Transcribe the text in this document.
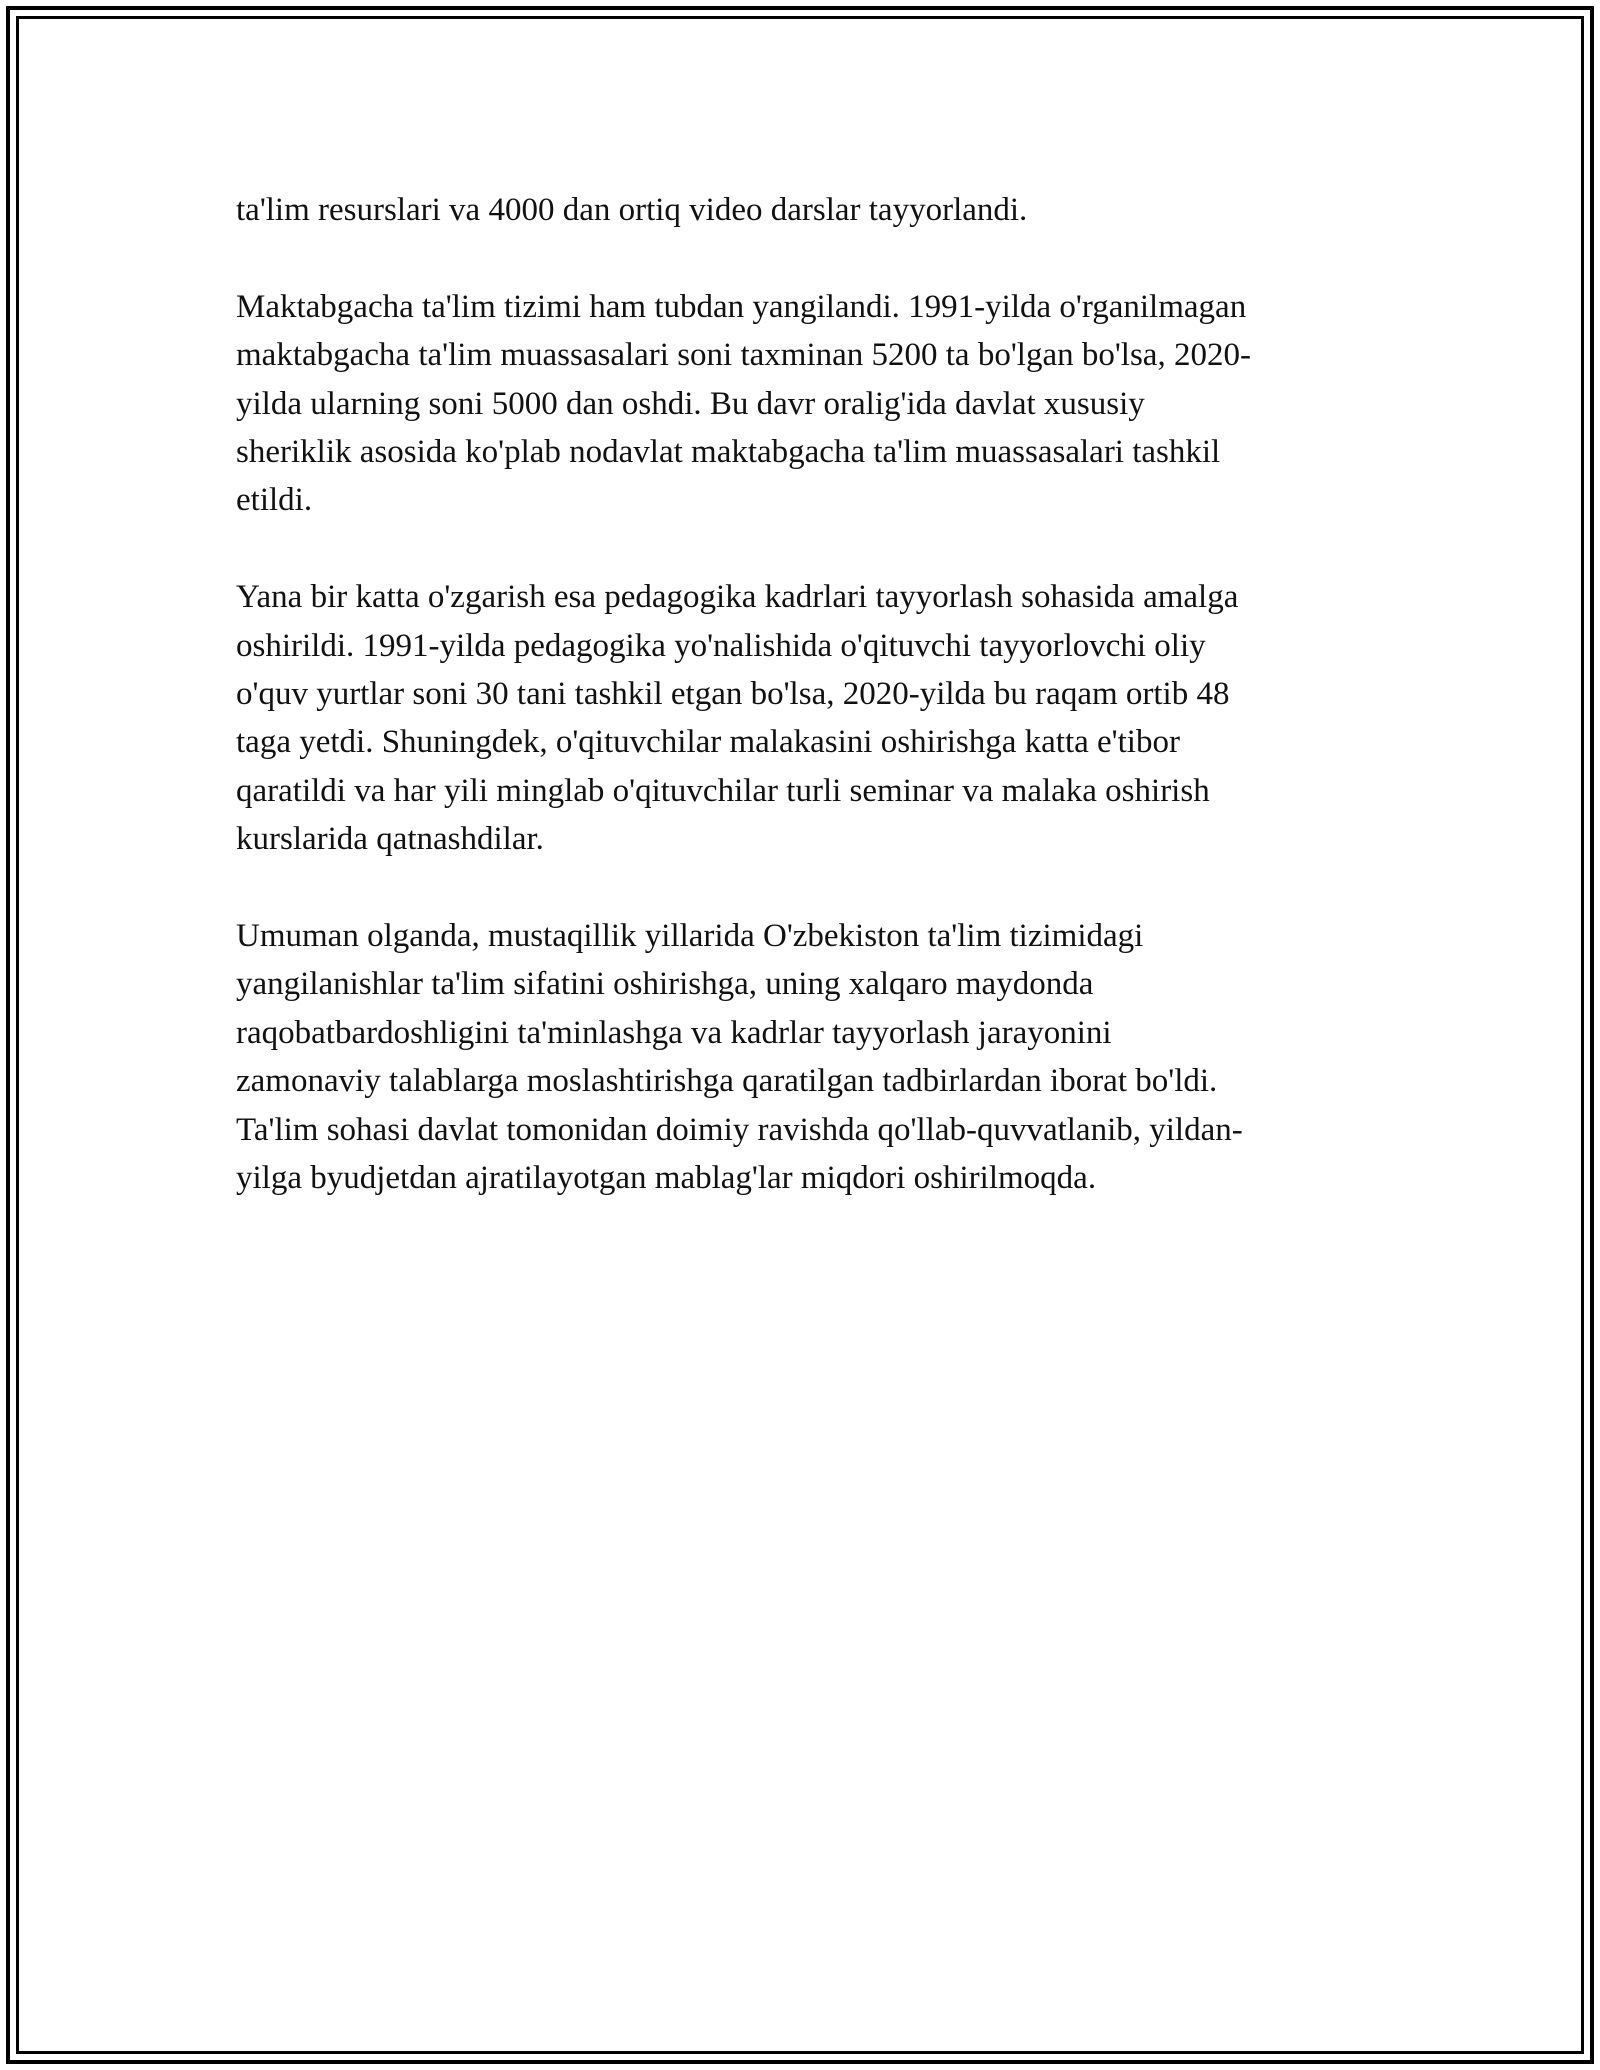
ta'lim resurslari va 4000 dan ortiq video darslar tayyorlandi.

Maktabgacha ta'lim tizimi ham tubdan yangilandi. 1991-yilda o'rganilmagan
maktabgacha ta'lim muassasalari soni taxminan 5200 ta bo'lgan bo'lsa, 2020-
yilda ularning soni 5000 dan oshdi. Bu davr oralig'ida davlat xususiy
sheriklik asosida ko'plab nodavlat maktabgacha ta'lim muassasalari tashkil
etildi.

Yana bir katta o'zgarish esa pedagogika kadrlari tayyorlash sohasida amalga
oshirildi. 1991-yilda pedagogika yo'nalishida o'qituvchi tayyorlovchi oliy
o'quv yurtlar soni 30 tani tashkil etgan bo'lsa, 2020-yilda bu raqam ortib 48
taga yetdi. Shuningdek, o'qituvchilar malakasini oshirishga katta e'tibor
qaratildi va har yili minglab o'qituvchilar turli seminar va malaka oshirish
kurslarida qatnashdilar.

Umuman olganda, mustaqillik yillarida O'zbekiston ta'lim tizimidagi
yangilanishlar ta'lim sifatini oshirishga, uning xalqaro maydonda
raqobatbardoshligini ta'minlashga va kadrlar tayyorlash jarayonini
zamonaviy talablarga moslashtirishga qaratilgan tadbirlardan iborat bo'ldi.
Ta'lim sohasi davlat tomonidan doimiy ravishda qo'llab-quvvatlanib, yildan-
yilga byudjetdan ajratilayotgan mablag'lar miqdori oshirilmoqda.
